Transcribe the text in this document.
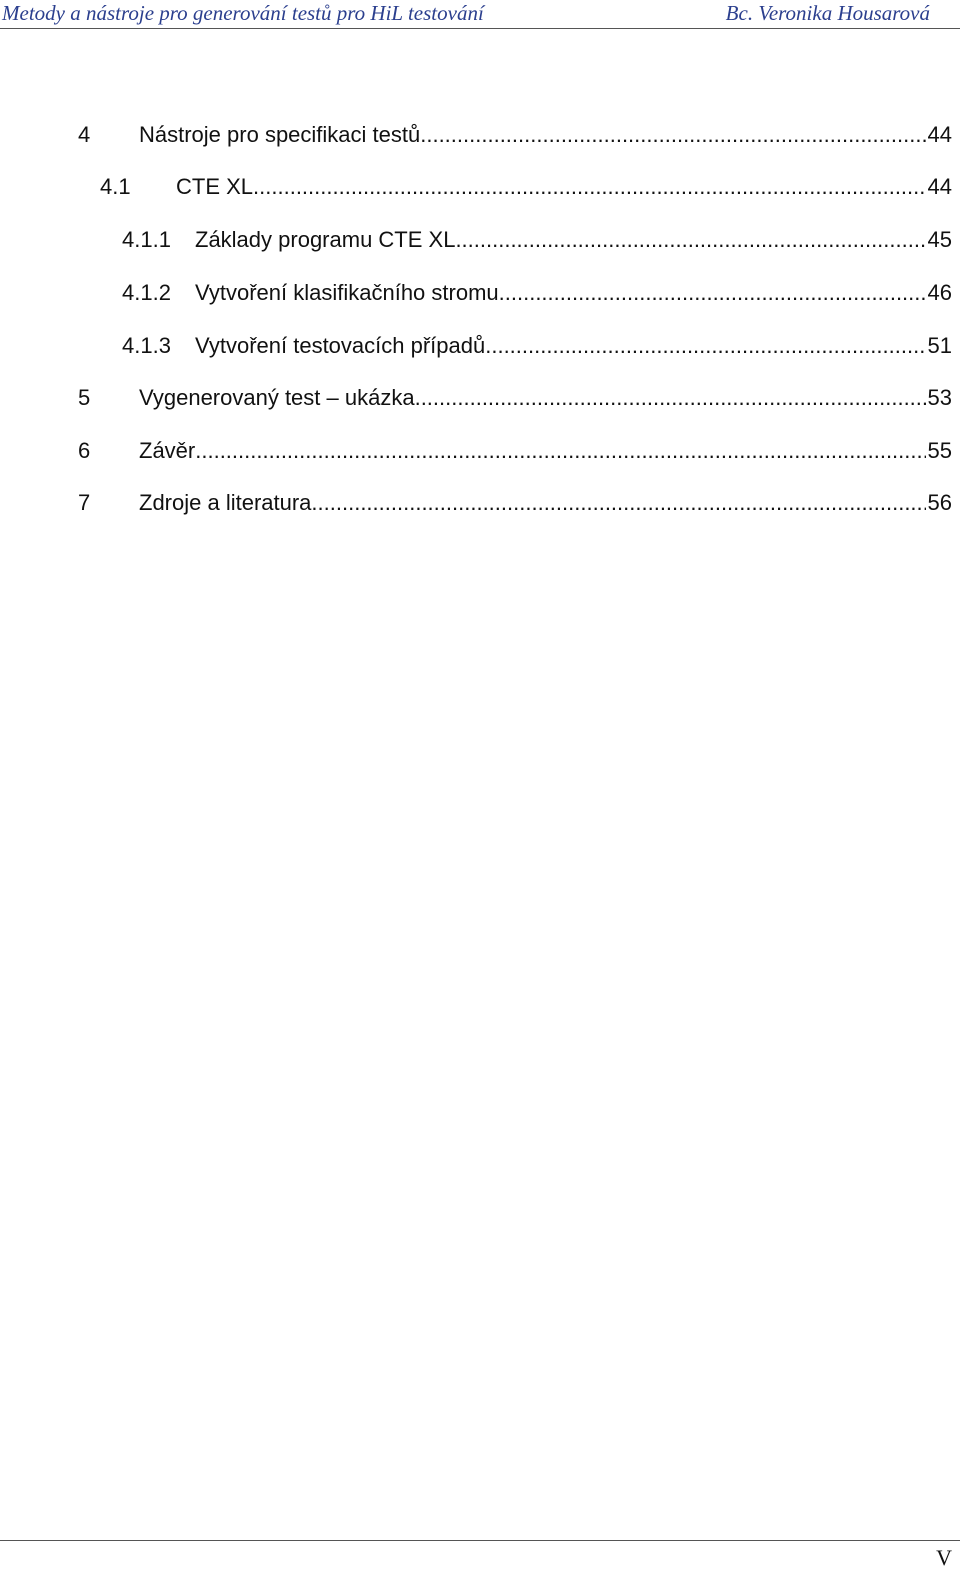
Metody a nástroje pro generování testů pro HiL testování	Bc. Veronika Housarová
4 Nástroje pro specifikaci testů .....	44
4.1 CTE XL .....	44
4.1.1 Základy programu CTE XL .....	45
4.1.2 Vytvoření klasifikačního stromu .....	46
4.1.3 Vytvoření testovacích případů .....	51
5 Vygenerovaný test – ukázka .....	53
6 Závěr .....	55
7 Zdroje a literatura .....	56
V
